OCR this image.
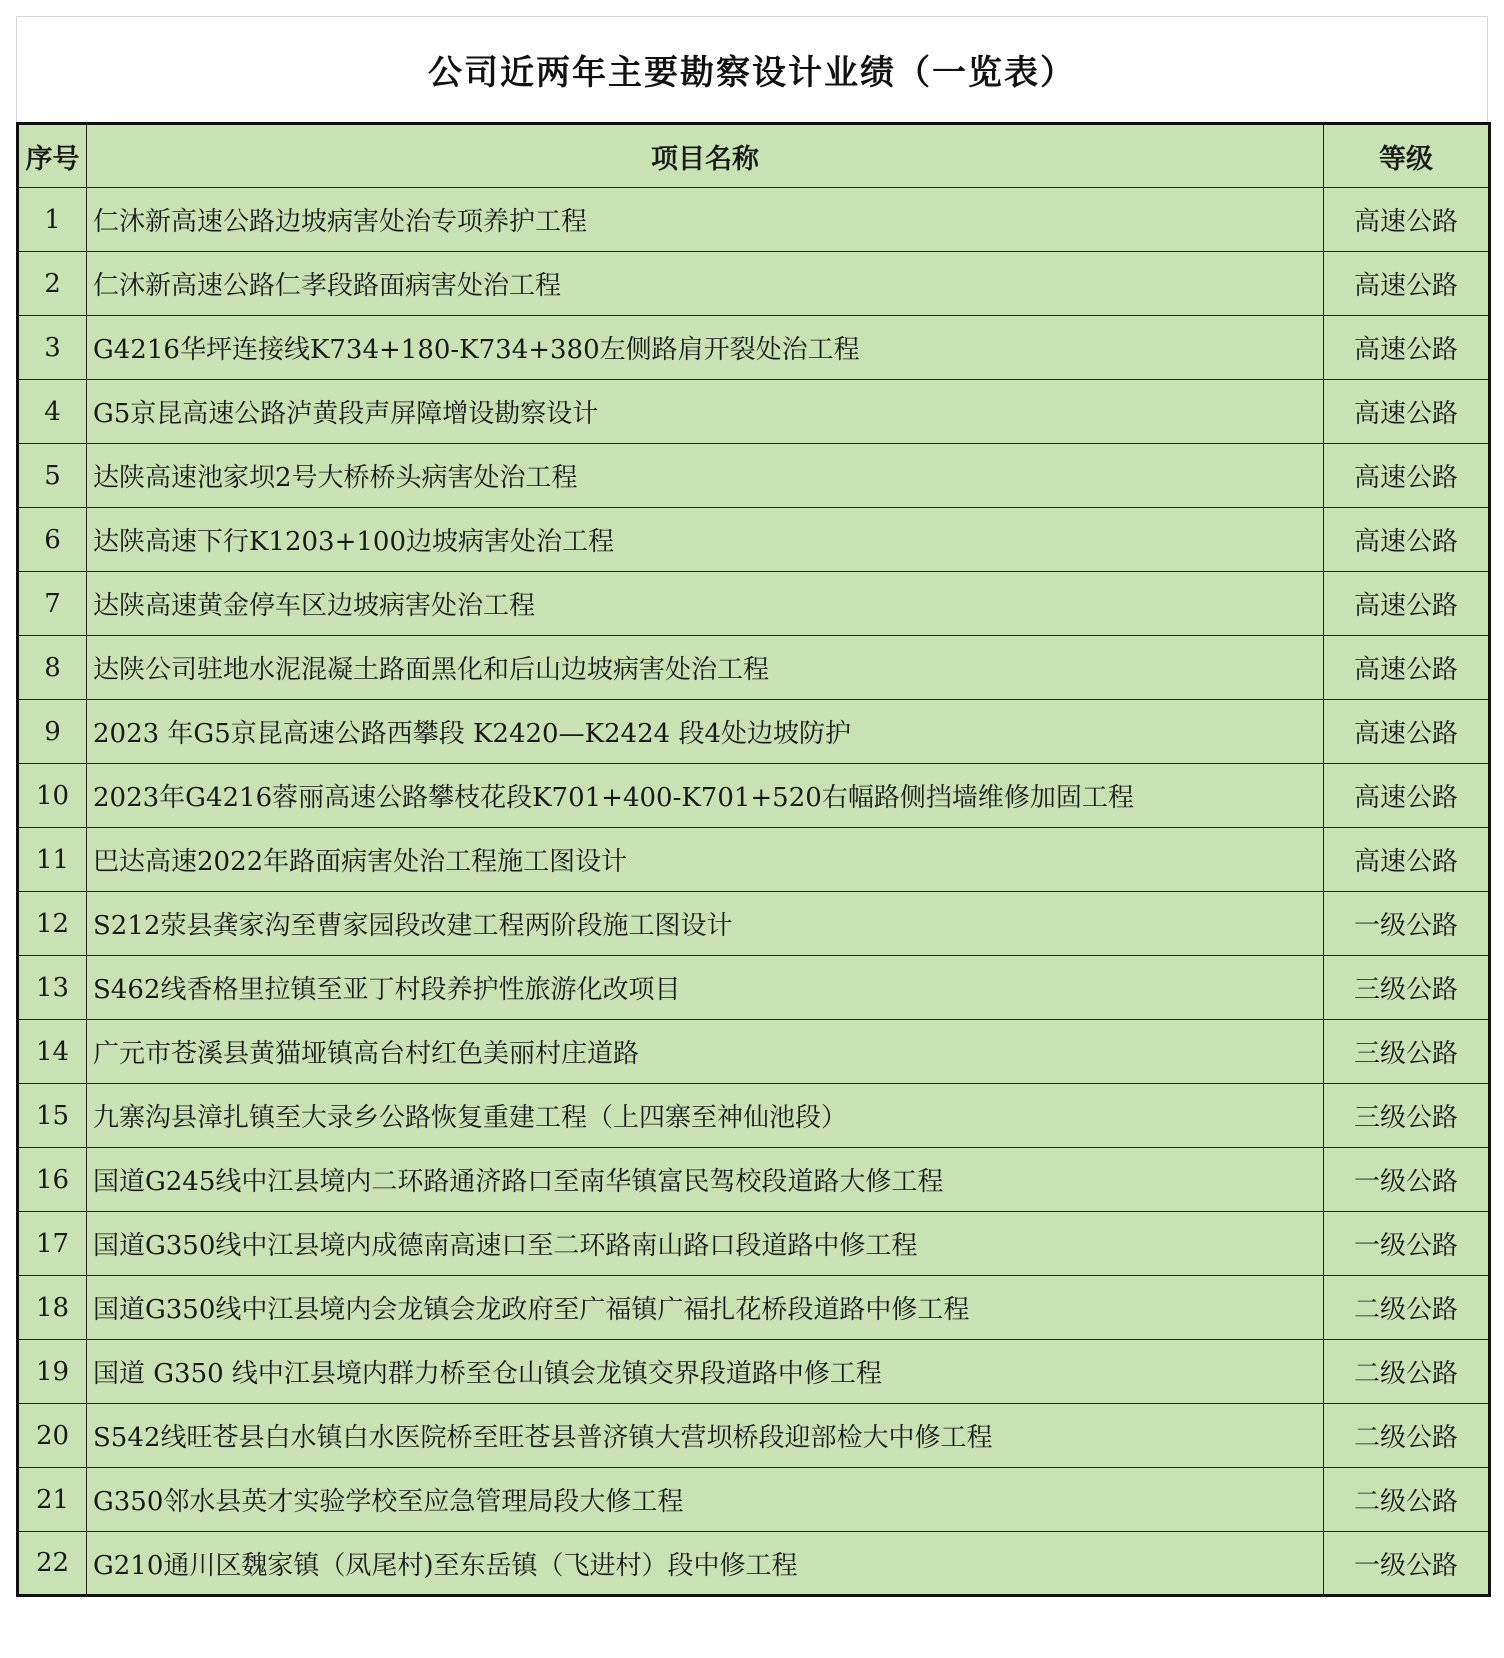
公司近两年主要勘察设计业绩（一览表）
序号	项目名称	等级
1	仁沐新高速公路边坡病害处治专项养护工程	高速公路
2	仁沐新高速公路仁孝段路面病害处治工程	高速公路
3	G4216华坪连接线K734+180-K734+380左侧路肩开裂处治工程	高速公路
4	G5京昆高速公路泸黄段声屏障增设勘察设计	高速公路
5	达陕高速池家坝2号大桥桥头病害处治工程	高速公路
6	达陕高速下行K1203+100边坡病害处治工程	高速公路
7	达陕高速黄金停车区边坡病害处治工程	高速公路
8	达陕公司驻地水泥混凝土路面黑化和后山边坡病害处治工程	高速公路
9	2023 年G5京昆高速公路西攀段 K2420—K2424 段4处边坡防护	高速公路
10	2023年G4216蓉丽高速公路攀枝花段K701+400-K701+520右幅路侧挡墙维修加固工程	高速公路
11	巴达高速2022年路面病害处治工程施工图设计	高速公路
12	S212荥县龚家沟至曹家园段改建工程两阶段施工图设计	一级公路
13	S462线香格里拉镇至亚丁村段养护性旅游化改项目	三级公路
14	广元市苍溪县黄猫垭镇高台村红色美丽村庄道路	三级公路
15	九寨沟县漳扎镇至大录乡公路恢复重建工程（上四寨至神仙池段）	三级公路
16	国道G245线中江县境内二环路通济路口至南华镇富民驾校段道路大修工程	一级公路
17	国道G350线中江县境内成德南高速口至二环路南山路口段道路中修工程	一级公路
18	国道G350线中江县境内会龙镇会龙政府至广福镇广福扎花桥段道路中修工程	二级公路
19	国道 G350 线中江县境内群力桥至仓山镇会龙镇交界段道路中修工程	二级公路
20	S542线旺苍县白水镇白水医院桥至旺苍县普济镇大营坝桥段迎部检大中修工程	二级公路
21	G350邻水县英才实验学校至应急管理局段大修工程	二级公路
22	G210通川区魏家镇（凤尾村)至东岳镇（飞进村）段中修工程	一级公路
